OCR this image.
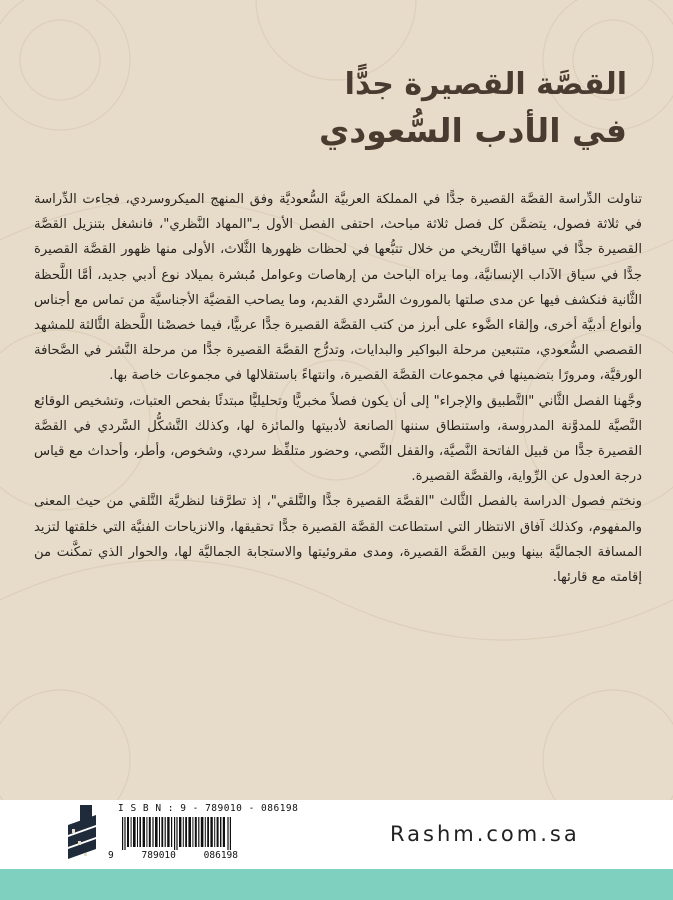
القصَّة القصيرة جدًّا
في الأدب السُّعودي

تناولت الدِّراسة القصَّة القصيرة جدًّا في المملكة العربيَّة السُّعوديَّة وفق المنهج الميكروسردي، فجاءت الدِّراسة في ثلاثة فصول، يتضمَّن كل فصل ثلاثة مباحث، احتفى الفصل الأول بـ"المهاد النَّظري"، فانشغل بتنزيل القصَّة القصيرة جدًّا في سياقها التَّاريخي من خلال تتبُّعها في لحظات ظهورها الثَّلاث، الأولى منها ظهور القصَّة القصيرة جدًّا في سياق الآداب الإنسانيَّة، وما يراه الباحث من إرهاصات وعوامل مُبشرة بميلاد نوع أدبي جديد، أمَّا اللَّحظة الثَّانية فنكشف فيها عن مدى صلتها بالموروث السَّردي القديم، وما يصاحب القضيَّة الأجناسيَّة من تماس مع أجناس وأنواع أدبيَّة أخرى، وإلقاء الضَّوء على أبرز من كتب القصَّة القصيرة جدًّا عربيًّا، فيما خصصْنا اللَّحظة الثَّالثة للمشهد القصصي السُّعودي، متتبعين مرحلة البواكير والبدايات، وتدرُّج القصَّة القصيرة جدًّا من مرحلة النَّشر في الصَّحافة الورقيَّة، ومرورًا بتضمينها في مجموعات القصَّة القصيرة، وانتهاءً باستقلالها في مجموعات خاصة بها.

وجَّهنا الفصل الثَّاني "التَّطبيق والإجراء" إلى أن يكون فصلاً مخبريًّا وتحليليًّا مبتدئًا بفحص العتبات، وتشخيص الوقائع النَّصيَّة للمدوَّنة المدروسة، واستنطاق سننها الصانعة لأدبيتها والمائزة لها، وكذلك التَّشكُّل السَّردي في القصَّة القصيرة جدًّا من قبيل الفاتحة النَّصيَّة، والقفل النَّصي، وحضور متلفِّظ سردي، وشخوص، وأطر، وأحداث مع قياس درجة العدول عن الرِّواية، والقصَّة القصيرة.

ونختم فصول الدراسة بالفصل الثَّالث "القصَّة القصيرة جدًّا والتَّلقي"، إذ تطرَّقنا لنظريَّة التَّلقي من حيث المعنى والمفهوم، وكذلك آفاق الانتظار التي استطاعت القصَّة القصيرة جدًّا تحقيقها، والانزياحات الفنيَّة التي خلقتها لتزيد المسافة الجماليَّة بينها وبين القصَّة القصيرة، ومدى مقروئيتها والاستجابة الجماليَّة لها، والحوار الذي تمكَّنت من إقامته مع قارئها.

I S B N : 9 - 789010 - 086198
9	789010	086198
Rashm.com.sa
